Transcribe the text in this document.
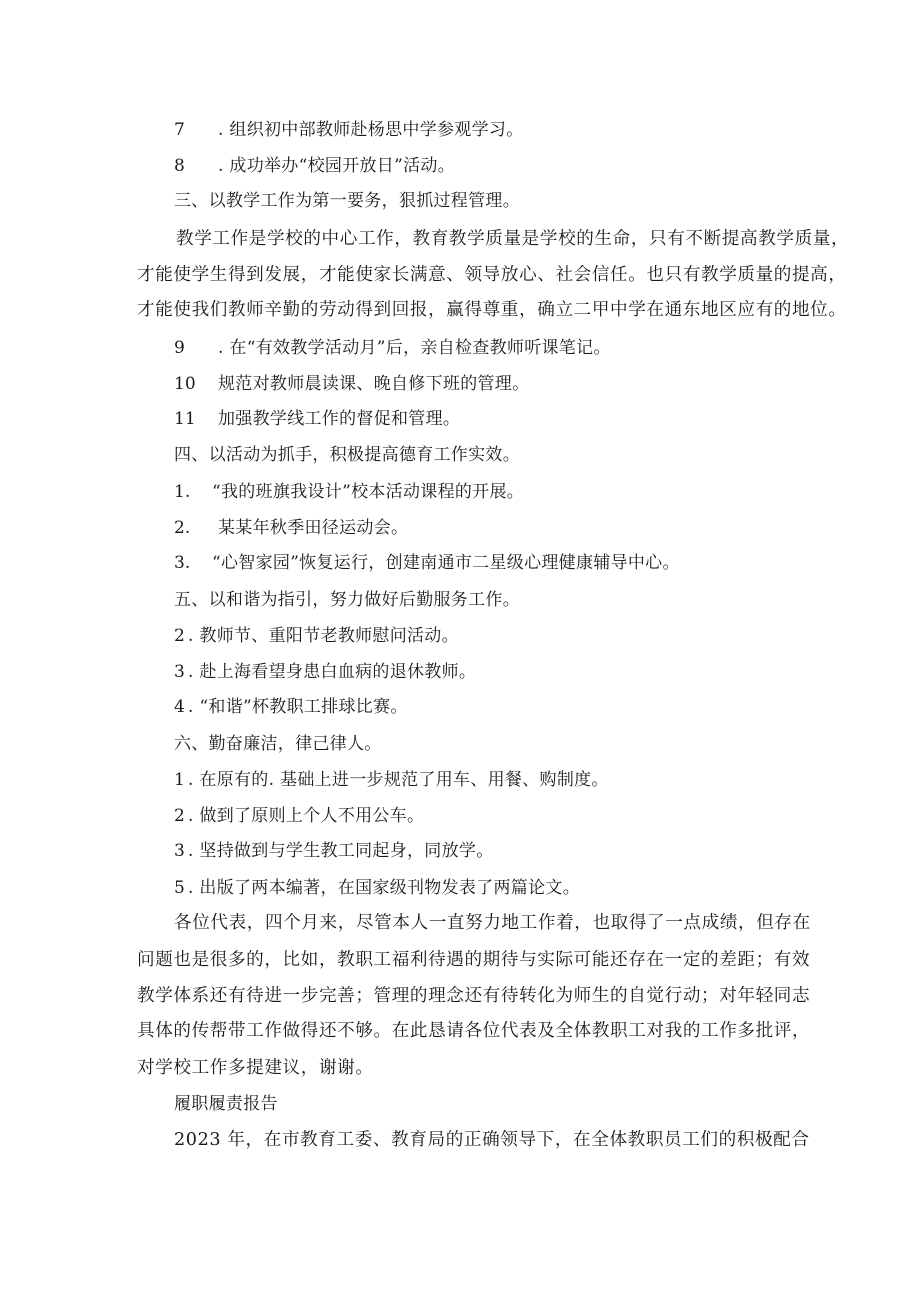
7 . 组织初中部教师赴杨思中学参观学习。
8 . 成功举办“校园开放日”活动。
三、以教学工作为第一要务，狠抓过程管理。
教学工作是学校的中心工作，教育教学质量是学校的生命，只有不断提高教学质量，
才能使学生得到发展，才能使家长满意、领导放心、社会信任。也只有教学质量的提高，
才能使我们教师辛勤的劳动得到回报，赢得尊重，确立二甲中学在通东地区应有的地位。
9 . 在“有效教学活动月”后，亲自检查教师听课笔记。
10 规范对教师晨读课、晚自修下班的管理。
11 加强教学线工作的督促和管理。
四、以活动为抓手，积极提高德育工作实效。
1. “我的班旗我设计”校本活动课程的开展。
2. 某某年秋季田径运动会。
3. “心智家园”恢复运行，创建南通市二星级心理健康辅导中心。
五、以和谐为指引，努力做好后勤服务工作。
2 . 教师节、重阳节老教师慰问活动。
3 . 赴上海看望身患白血病的退休教师。
4 . “和谐”杯教职工排球比赛。
六、勤奋廉洁，律己律人。
1 . 在原有的. 基础上进一步规范了用车、用餐、购制度。
2 . 做到了原则上个人不用公车。
3 . 坚持做到与学生教工同起身，同放学。
5 . 出版了两本编著，在国家级刊物发表了两篇论文。
各位代表，四个月来，尽管本人一直努力地工作着，也取得了一点成绩，但存在
问题也是很多的，比如，教职工福利待遇的期待与实际可能还存在一定的差距；有效
教学体系还有待进一步完善；管理的理念还有待转化为师生的自觉行动；对年轻同志
具体的传帮带工作做得还不够。在此恳请各位代表及全体教职工对我的工作多批评，
对学校工作多提建议，谢谢。
履职履责报告
2023 年，在市教育工委、教育局的正确领导下，在全体教职员工们的积极配合
